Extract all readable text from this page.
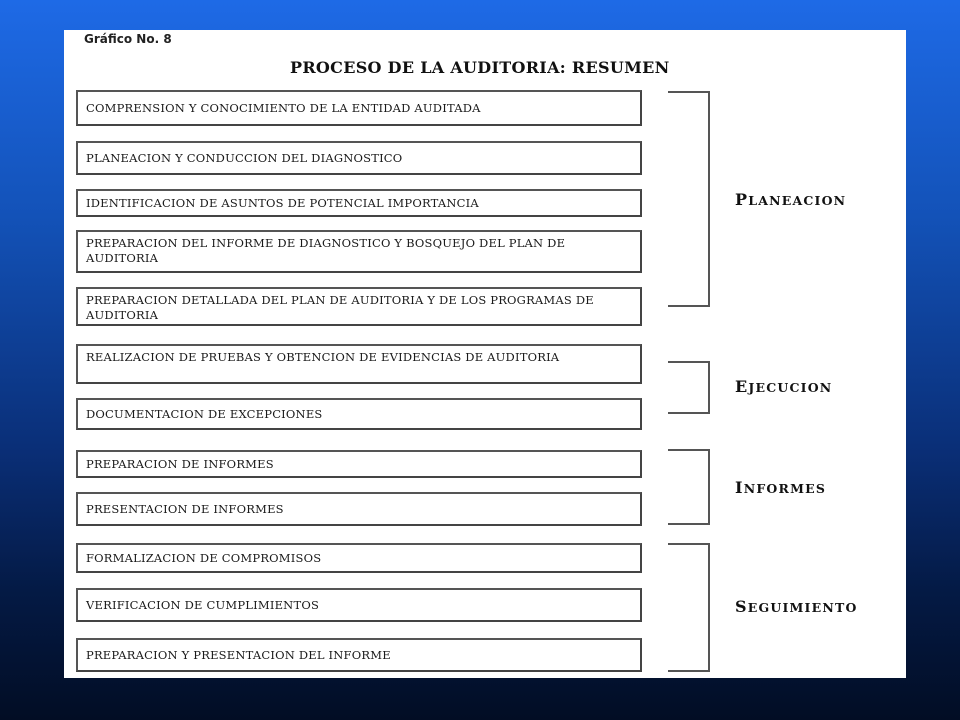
Gráfico No. 8
PROCESO DE LA AUDITORIA: RESUMEN
COMPRENSION Y CONOCIMIENTO DE LA ENTIDAD AUDITADA
PLANEACION Y CONDUCCION DEL DIAGNOSTICO
IDENTIFICACION DE ASUNTOS DE POTENCIAL IMPORTANCIA
PREPARACION DEL INFORME DE DIAGNOSTICO Y BOSQUEJO DEL PLAN DE AUDITORIA
PREPARACION DETALLADA DEL PLAN DE AUDITORIA Y DE LOS PROGRAMAS DE AUDITORIA
PLANEACION
REALIZACION DE PRUEBAS Y OBTENCION DE EVIDENCIAS DE AUDITORIA
DOCUMENTACION DE EXCEPCIONES
EJECUCION
PREPARACION DE INFORMES
PRESENTACION DE INFORMES
INFORMES
FORMALIZACION DE COMPROMISOS
VERIFICACION DE CUMPLIMIENTOS
PREPARACION Y PRESENTACION DEL INFORME
SEGUIMIENTO
